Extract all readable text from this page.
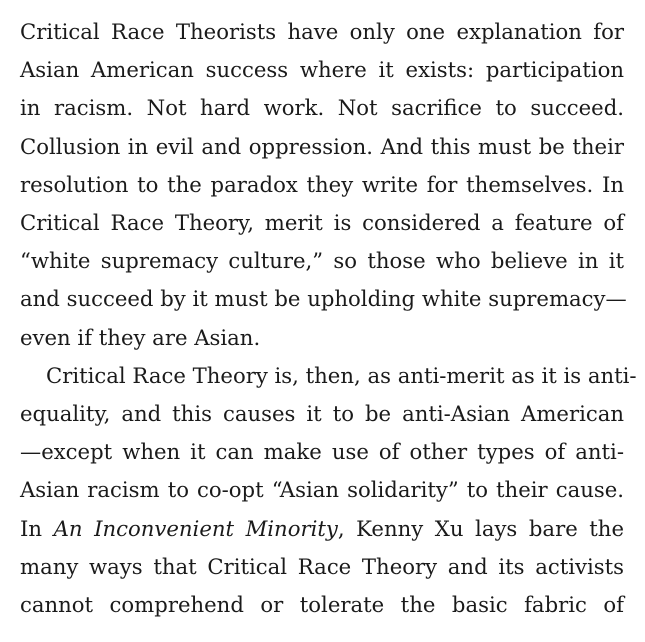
Critical Race Theorists have only one explanation for
Asian American success where it exists: participation
in racism. Not hard work. Not sacrifice to succeed.
Collusion in evil and oppression. And this must be their
resolution to the paradox they write for themselves. In
Critical Race Theory, merit is considered a feature of
“white supremacy culture,” so those who believe in it
and succeed by it must be upholding white supremacy—
even if they are Asian.
Critical Race Theory is, then, as anti-merit as it is anti-
equality, and this causes it to be anti-Asian American
—except when it can make use of other types of anti-
Asian racism to co-opt “Asian solidarity” to their cause.
In An Inconvenient Minority, Kenny Xu lays bare the
many ways that Critical Race Theory and its activists
cannot comprehend or tolerate the basic fabric of
